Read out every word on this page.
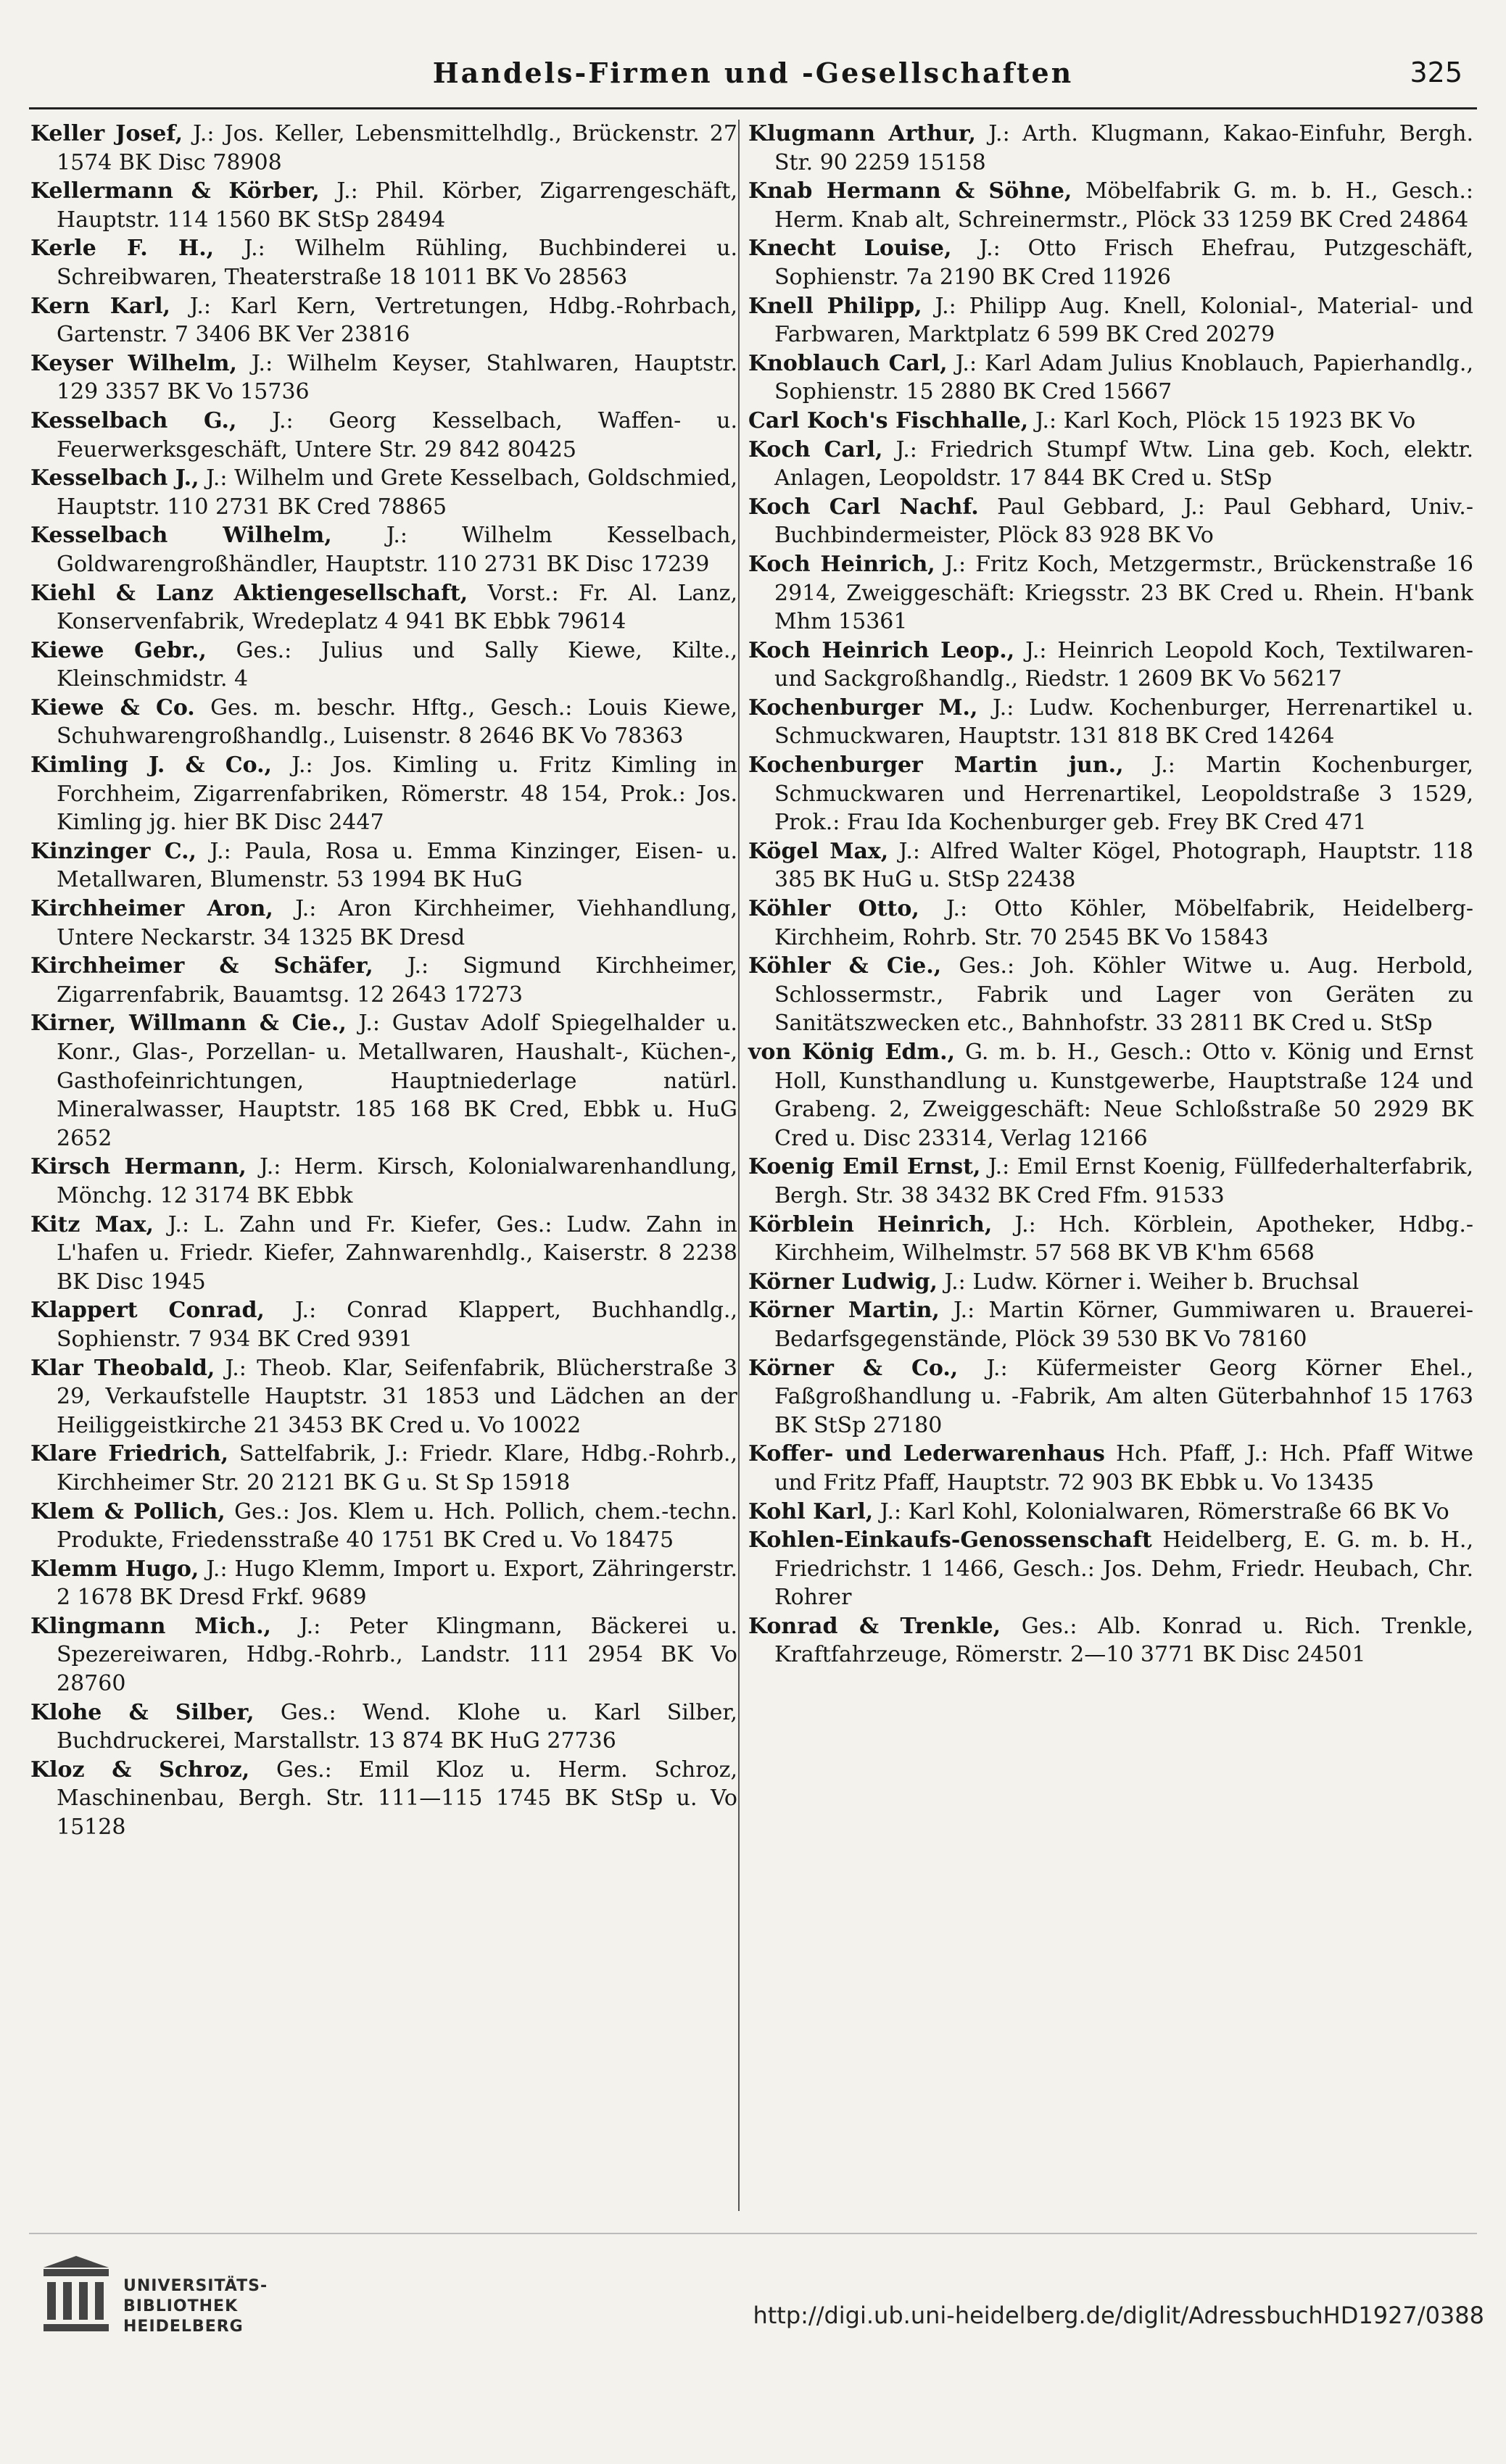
Handels-Firmen und -Gesellschaften	325
Keller Josef, J.: Jos. Keller, Lebensmittelhdlg., Brückenstr. 27 1574 BK Disc 78908
Kellermann & Körber, J.: Phil. Körber, Zigarrengeschäft, Hauptstr. 114 1560 BK StSp 28494
Kerle F. H., J.: Wilhelm Rühling, Buchbinderei u. Schreibwaren, Theaterstraße 18 1011 BK Vo 28563
Kern Karl, J.: Karl Kern, Vertretungen, Hdbg.-Rohrbach, Gartenstr. 7 3406 BK Ver 23816
Keyser Wilhelm, J.: Wilhelm Keyser, Stahlwaren, Hauptstr. 129 3357 BK Vo 15736
Kesselbach G., J.: Georg Kesselbach, Waffen- u. Feuerwerksgeschäft, Untere Str. 29 842 80425
Kesselbach J., J.: Wilhelm und Grete Kesselbach, Goldschmied, Hauptstr. 110 2731 BK Cred 78865
Kesselbach Wilhelm,	J.: Wilhelm Kesselbach, Goldwarengroßhändler, Hauptstr. 110 2731 BK Disc 17239
Kiehl & Lanz Aktiengesellschaft, Vorst.: Fr. Al. Lanz, Konservenfabrik, Wredeplatz 4 941 BK Ebbk 79614
Kiewe Gebr., Ges.: Julius und Sally Kiewe, Kilte., Kleinschmidstr. 4
Kiewe & Co. Ges. m. beschr. Hftg., Gesch.: Louis Kiewe, Schuhwarengroßhandlg., Luisenstr. 8 2646 BK Vo 78363
Kimling J. & Co., J.: Jos. Kimling u. Fritz Kimling in Forchheim, Zigarrenfabriken, Römerstr. 48 154, Prok.: Jos. Kimling jg. hier BK Disc 2447
Kinzinger C., J.: Paula, Rosa u. Emma Kinzinger, Eisen- u. Metallwaren, Blumenstr. 53 1994 BK HuG
Kirchheimer Aron, J.: Aron Kirchheimer, Viehhandlung, Untere Neckarstr. 34 1325 BK Dresd
Kirchheimer & Schäfer, J.: Sigmund Kirchheimer, Zigarrenfabrik, Bauamtsg. 12 2643 17273
Kirner, Willmann & Cie., J.: Gustav Adolf Spiegelhalder u. Konr., Glas-, Porzellan- u. Metallwaren, Haushalt-, Küchen-, Gasthofeinrichtungen, Hauptniederlage natürl. Mineralwasser, Hauptstr. 185 168 BK Cred, Ebbk u. HuG 2652
Kirsch Hermann, J.: Herm. Kirsch, Kolonialwarenhandlung, Mönchg. 12 3174 BK Ebbk
Kitz Max, J.: L. Zahn und Fr. Kiefer, Ges.: Ludw. Zahn in L'hafen u. Friedr. Kiefer, Zahnwarenhdlg., Kaiserstr. 8 2238 BK Disc 1945
Klappert Conrad, J.: Conrad Klappert, Buchhandlg., Sophienstr. 7 934 BK Cred 9391
Klar Theobald, J.: Theob. Klar, Seifenfabrik, Blücherstraße 3 29, Verkaufstelle Hauptstr. 31 1853 und Lädchen an der Heiliggeistkirche 21 3453 BK Cred u. Vo 10022
Klare Friedrich, Sattelfabrik, J.: Friedr. Klare, Hdbg.-Rohrb., Kirchheimer Str. 20 2121 BK G u. St Sp 15918
Klem & Pollich, Ges.: Jos. Klem u. Hch. Pollich, chem.-techn. Produkte, Friedensstraße 40 1751 BK Cred u. Vo 18475
Klemm Hugo, J.: Hugo Klemm, Import u. Export, Zähringerstr. 2 1678 BK Dresd Frkf. 9689
Klingmann Mich., J.: Peter Klingmann, Bäckerei u. Spezereiwaren, Hdbg.-Rohrb., Landstr. 111 2954 BK Vo 28760
Klohe & Silber, Ges.: Wend. Klohe u. Karl Silber, Buchdruckerei, Marstallstr. 13 874 BK HuG 27736
Kloz & Schroz, Ges.: Emil Kloz u. Herm. Schroz, Maschinenbau, Bergh. Str. 111—115 1745 BK StSp u. Vo 15128
Klugmann Arthur, J.: Arth. Klugmann, Kakao-Einfuhr, Bergh. Str. 90 2259 15158
Knab Hermann & Söhne, Möbelfabrik G. m. b. H., Gesch.: Herm. Knab alt, Schreinermstr., Plöck 33 1259 BK Cred 24864
Knecht Louise, J.: Otto Frisch Ehefrau, Putzgeschäft, Sophienstr. 7a 2190 BK Cred 11926
Knell Philipp, J.: Philipp Aug. Knell, Kolonial-, Material- und Farbwaren, Marktplatz 6 599 BK Cred 20279
Knoblauch Carl, J.: Karl Adam Julius Knoblauch, Papierhandlg., Sophienstr. 15 2880 BK Cred 15667
Carl Koch's Fischhalle, J.: Karl Koch, Plöck 15 1923 BK Vo
Koch Carl, J.: Friedrich Stumpf Wtw. Lina geb. Koch, elektr. Anlagen, Leopoldstr. 17 844 BK Cred u. StSp
Koch Carl Nachf. Paul Gebbard, J.: Paul Gebhard, Univ.-Buchbindermeister, Plöck 83 928 BK Vo
Koch Heinrich, J.: Fritz Koch, Metzgermstr., Brückenstraße 16 2914, Zweiggeschäft: Kriegsstr. 23 BK Cred u. Rhein. H'bank Mhm 15361
Koch Heinrich Leop., J.: Heinrich Leopold Koch, Textilwaren- und Sackgroßhandlg., Riedstr. 1 2609 BK Vo 56217
Kochenburger M., J.: Ludw. Kochenburger, Herrenartikel u. Schmuckwaren, Hauptstr. 131 818 BK Cred 14264
Kochenburger Martin jun., J.: Martin Kochenburger, Schmuckwaren und Herrenartikel, Leopoldstraße 3 1529, Prok.: Frau Ida Kochenburger geb. Frey BK Cred 471
Kögel Max, J.: Alfred Walter Kögel, Photograph, Hauptstr. 118 385 BK HuG u. StSp 22438
Köhler Otto, J.: Otto Köhler, Möbelfabrik, Heidelberg-Kirchheim, Rohrb. Str. 70 2545 BK Vo 15843
Köhler & Cie., Ges.: Joh. Köhler Witwe u. Aug. Herbold, Schlossermstr., Fabrik und Lager von Geräten zu Sanitätszwecken etc., Bahnhofstr. 33 2811 BK Cred u. StSp
von König Edm., G. m. b. H., Gesch.: Otto v. König und Ernst Holl, Kunsthandlung u. Kunstgewerbe, Hauptstraße 124 und Grabeng. 2, Zweiggeschäft: Neue Schloßstraße 50 2929 BK Cred u. Disc 23314, Verlag 12166
Koenig Emil Ernst, J.: Emil Ernst Koenig, Füllfederhalterfabrik, Bergh. Str. 38 3432 BK Cred Ffm. 91533
Körblein Heinrich, J.: Hch. Körblein, Apotheker, Hdbg.-Kirchheim, Wilhelmstr. 57 568 BK VB K'hm 6568
Körner Ludwig, J.: Ludw. Körner i. Weiher b. Bruchsal
Körner Martin, J.: Martin Körner, Gummiwaren u. Brauerei-Bedarfsgegenstände, Plöck 39 530 BK Vo 78160
Körner & Co., J.: Küfermeister Georg Körner Ehel., Faßgroßhandlung u. -Fabrik, Am alten Güterbahnhof 15 1763 BK StSp 27180
Koffer- und Lederwarenhaus Hch. Pfaff, J.: Hch. Pfaff Witwe und Fritz Pfaff, Hauptstr. 72 903 BK Ebbk u. Vo 13435
Kohl Karl, J.: Karl Kohl, Kolonialwaren, Römerstraße 66 BK Vo
Kohlen-Einkaufs-Genossenschaft Heidelberg, E. G. m. b. H., Friedrichstr. 1 1466, Gesch.: Jos. Dehm, Friedr. Heubach, Chr. Rohrer
Konrad & Trenkle, Ges.: Alb. Konrad u. Rich. Trenkle, Kraftfahrzeuge, Römerstr. 2—10 3771 BK Disc 24501
UNIVERSITÄTS-
BIBLIOTHEK
HEIDELBERG	http://digi.ub.uni-heidelberg.de/diglit/AdressbuchHD1927/0388
